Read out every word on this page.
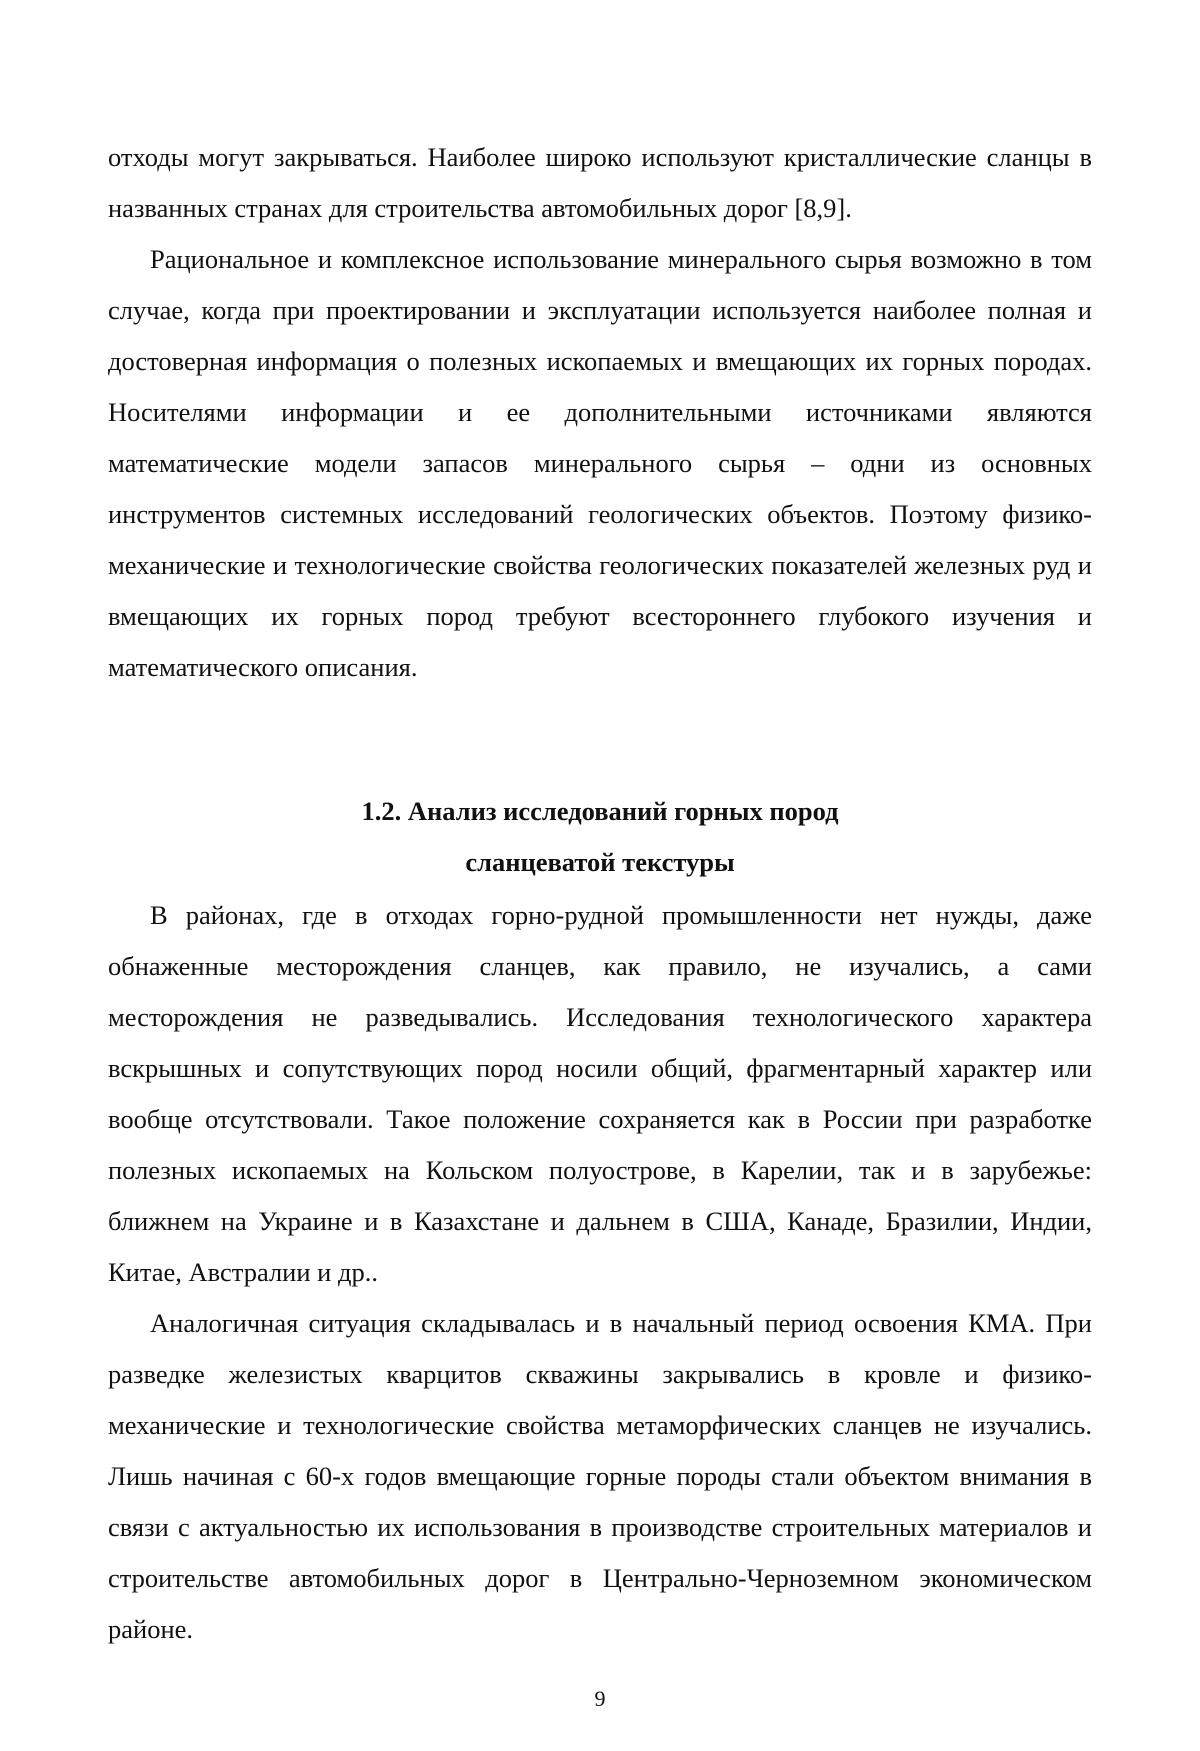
отходы могут закрываться. Наиболее широко используют кристаллические сланцы в названных странах для строительства автомобильных дорог [8,9].

Рациональное и комплексное использование минерального сырья возможно в том случае, когда при проектировании и эксплуатации используется наиболее полная и достоверная информация о полезных ископаемых и вмещающих их горных породах. Носителями информации и ее дополнительными источниками являются математические модели запасов минерального сырья – одни из основных инструментов системных исследований геологических объектов. Поэтому физико-механические и технологические свойства геологических показателей железных руд и вмещающих их горных пород требуют всестороннего глубокого изучения и математического описания.

1.2. Анализ исследований горных пород
сланцеватой текстуры

В районах, где в отходах горно-рудной промышленности нет нужды, даже обнаженные месторождения сланцев, как правило, не изучались, а сами месторождения не разведывались. Исследования технологического характера вскрышных и сопутствующих пород носили общий, фрагментарный характер или вообще отсутствовали. Такое положение сохраняется как в России при разработке полезных ископаемых на Кольском полуострове, в Карелии, так и в зарубежье: ближнем на Украине и в Казахстане и дальнем в США, Канаде, Бразилии, Индии, Китае, Австралии и др..

Аналогичная ситуация складывалась и в начальный период освоения КМА. При разведке железистых кварцитов скважины закрывались в кровле и физико-механические и технологические свойства метаморфических сланцев не изучались. Лишь начиная с 60-х годов вмещающие горные породы стали объектом внимания в связи с актуальностью их использования в производстве строительных материалов и строительстве автомобильных дорог в Центрально-Черноземном экономическом районе.

9
